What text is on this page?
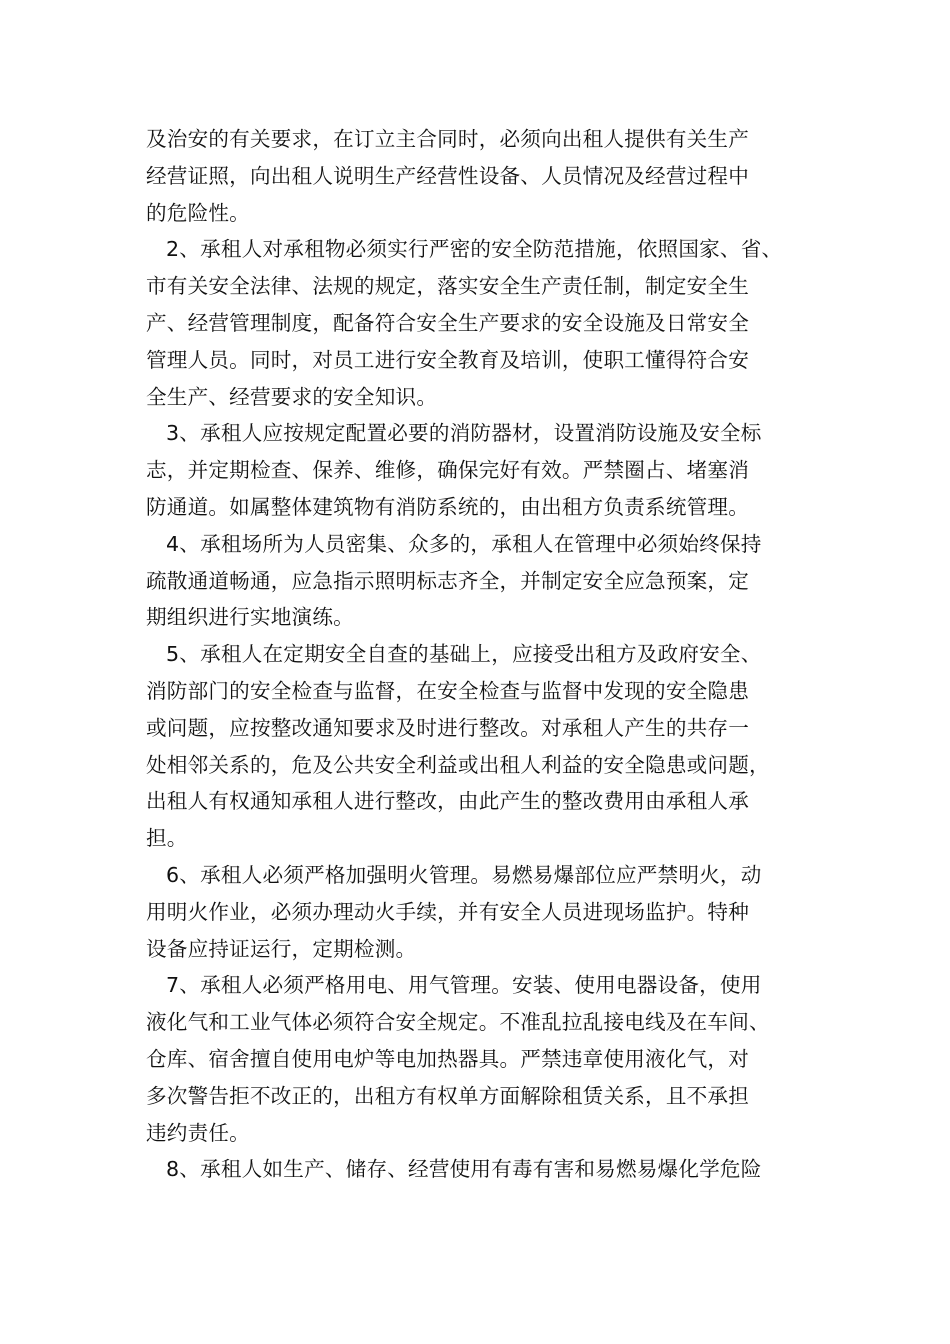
及治安的有关要求，在订立主合同时，必须向出租人提供有关生产
经营证照，向出租人说明生产经营性设备、人员情况及经营过程中
的危险性。

2、承租人对承租物必须实行严密的安全防范措施，依照国家、省、
市有关安全法律、法规的规定，落实安全生产责任制，制定安全生
产、经营管理制度，配备符合安全生产要求的安全设施及日常安全
管理人员。同时，对员工进行安全教育及培训，使职工懂得符合安
全生产、经营要求的安全知识。

3、承租人应按规定配置必要的消防器材，设置消防设施及安全标
志，并定期检查、保养、维修，确保完好有效。严禁圈占、堵塞消
防通道。如属整体建筑物有消防系统的，由出租方负责系统管理。

4、承租场所为人员密集、众多的，承租人在管理中必须始终保持
疏散通道畅通，应急指示照明标志齐全，并制定安全应急预案，定
期组织进行实地演练。

5、承租人在定期安全自查的基础上，应接受出租方及政府安全、
消防部门的安全检查与监督，在安全检查与监督中发现的安全隐患
或问题，应按整改通知要求及时进行整改。对承租人产生的共存一
处相邻关系的，危及公共安全利益或出租人利益的安全隐患或问题，
出租人有权通知承租人进行整改，由此产生的整改费用由承租人承
担。

6、承租人必须严格加强明火管理。易燃易爆部位应严禁明火，动
用明火作业，必须办理动火手续，并有安全人员进现场监护。特种
设备应持证运行，定期检测。

7、承租人必须严格用电、用气管理。安装、使用电器设备，使用
液化气和工业气体必须符合安全规定。不准乱拉乱接电线及在车间、
仓库、宿舍擅自使用电炉等电加热器具。严禁违章使用液化气，对
多次警告拒不改正的，出租方有权单方面解除租赁关系，且不承担
违约责任。

8、承租人如生产、储存、经营使用有毒有害和易燃易爆化学危险
